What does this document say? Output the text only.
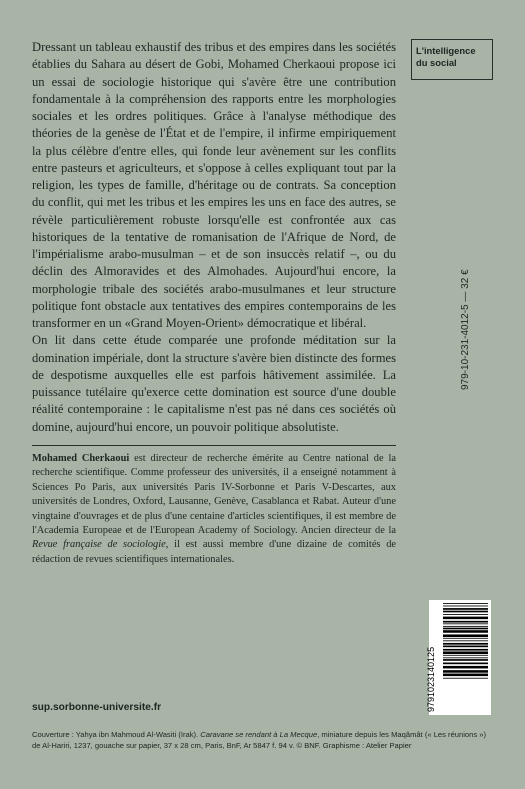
Dressant un tableau exhaustif des tribus et des empires dans les sociétés établies du Sahara au désert de Gobi, Mohamed Cherkaoui propose ici un essai de sociologie historique qui s'avère être une contribution fondamentale à la compréhension des rapports entre les morphologies sociales et les ordres politiques. Grâce à l'analyse méthodique des théories de la genèse de l'État et de l'empire, il infirme empiriquement la plus célèbre d'entre elles, qui fonde leur avènement sur les conflits entre pasteurs et agriculteurs, et s'oppose à celles expliquant tout par la religion, les types de famille, d'héritage ou de contrats. Sa conception du conflit, qui met les tribus et les empires les uns en face des autres, se révèle particulièrement robuste lorsqu'elle est confrontée aux cas historiques de la tentative de romanisation de l'Afrique de Nord, de l'impérialisme arabo-musulman – et de son insuccès relatif –, ou du déclin des Almoravides et des Almohades. Aujourd'hui encore, la morphologie tribale des sociétés arabo-musulmanes et leur structure politique font obstacle aux tentatives des empires contemporains de les transformer en un «Grand Moyen-Orient» démocratique et libéral.

On lit dans cette étude comparée une profonde méditation sur la domination impériale, dont la structure s'avère bien distincte des formes de despotisme auxquelles elle est parfois hâtivement assimilée. La puissance tutélaire qu'exerce cette domination est source d'une double réalité contemporaine : le capitalisme n'est pas né dans ces sociétés où domine, aujourd'hui encore, un pouvoir politique absolutiste.

Mohamed Cherkaoui est directeur de recherche émérite au Centre national de la recherche scientifique. Comme professeur des universités, il a enseigné notamment à Sciences Po Paris, aux universités Paris IV-Sorbonne et Paris V-Descartes, aux universités de Londres, Oxford, Lausanne, Genève, Casablanca et Rabat. Auteur d'une vingtaine d'ouvrages et de plus d'une centaine d'articles scientifiques, il est membre de l'Academia Europeae et de l'European Academy of Sociology. Ancien directeur de la Revue française de sociologie, il est aussi membre d'une dizaine de comités de rédaction de revues scientifiques internationales.

L'intelligence
du social
979-10-231-4012-5 — 32 €
9791023140125
sup.sorbonne-universite.fr
Couverture : Yahya ibn Mahmoud Al-Wasiti (Irak). Caravane se rendant à La Mecque, miniature depuis les Maqâmât (« Les réunions ») de Al-Hariri, 1237, gouache sur papier, 37 x 28 cm, Paris, BnF, Ar 5847 f. 94 v. © BNF. Graphisme : Atelier Papier
